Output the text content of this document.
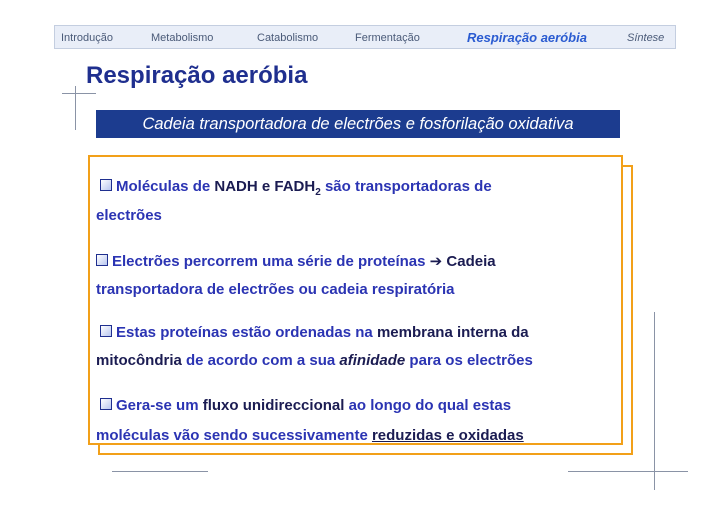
Introdução	Metabolismo	Catabolismo	Fermentação	Respiração aeróbia	Síntese
Respiração aeróbia
Cadeia transportadora de electrões e fosforilação oxidativa
Moléculas de NADH e $FADH_2$ são transportadoras de
electrões
Electrões percorrem uma série de proteínas ➔ Cadeia
transportadora de electrões ou cadeia respiratória
Estas proteínas estão ordenadas na membrana interna da
mitocôndria de acordo com a sua afinidade para os electrões
Gera-se um fluxo unidireccional ao longo do qual estas
moléculas vão sendo sucessivamente reduzidas e oxidadas
